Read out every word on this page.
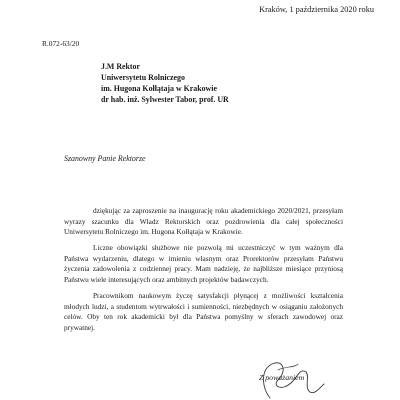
Kraków, 1 października 2020 roku
R.072-63/20
J.M Rektor
Uniwersytetu Rolniczego
im. Hugona Kołłątaja w Krakowie
dr hab. inż. Sylwester Tabor, prof. UR
Szanowny Panie Rektorze

dziękując za zaproszenie na inaugurację roku akademickiego 2020/2021, przesyłam wyrazy szacunku dla Władz Rektorskich oraz pozdrowienia dla całej społeczności Uniwersytetu Rolniczego im. Hugona Kołłątaja w Krakowie.

Liczne obowiązki służbowe nie pozwolą mi uczestniczyć w tym ważnym dla Państwa wydarzeniu, dlatego w imieniu własnym oraz Prorektorów przesyłam Państwu życzenia zadowolenia z codziennej pracy. Mam nadzieję, że najbliższe miesiące przyniosą Państwu wiele interesujących oraz ambitnych projektów badawczych.

Pracownikom naukowym życzę satysfakcji płynącej z możliwości kształcenia młodych ludzi, a studentom wytrwałości i sumienności, niezbędnych w osiąganiu założonych celów. Oby ten rok akademicki był dla Państwa pomyślny w sferach zawodowej oraz prywatnej.

Z poważaniem
